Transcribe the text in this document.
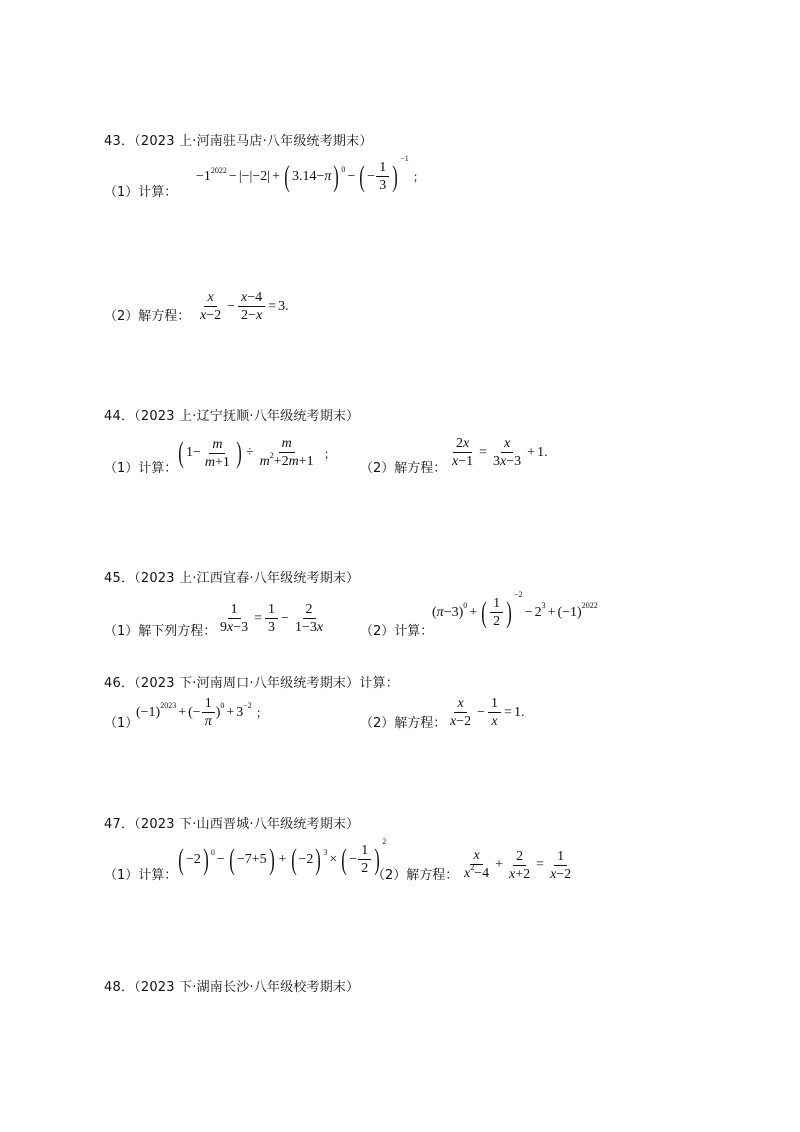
43．（2023 上·河南驻马店·八年级统考期末）
（1）计算：
$-1^{2022}$ − | − | −2 | + ( 3.14− π ) 0 − ( − $\frac{1}{3}$ )
−1
；
（2）解方程： $\frac{x}{x-2} - \frac{x-4}{2-x} = 3$ .
44．（2023 上·辽宁抚顺·八年级统考期末）
（1）计算： ( $1- \frac{m}{m+1}$ ) ÷ $\frac{m}{m^2+2m+1}$ ；
（2）解方程： $\frac{2x}{x-1} = \frac{x}{3x-3} + 1$ .
45．（2023 上·江西宜春·八年级统考期末）
（1）解下列方程： $\frac{1}{9x-3} = \frac{1}{3} - \frac{2}{1-3x}$	（2）计算：
( π −3) 0 + ( $\frac{1}{2}$ )
−2
− 2 3 + (−1) 2022
46．（2023 下·河南周口·八年级统考期末）计算：
（1）
(−1) 2023 + (− $\frac{1}{\pi}$ ) 0 + 3 −2
；
（2）解方程： $\frac{x}{x-2} - \frac{1}{x} = 1$ .
47．（2023 下·山西晋城·八年级统考期末）
（1）计算： ( −2 ) 0 − ( −7+5 ) + ( −2 ) 3 × ( − $\frac{1}{2}$ )
2
（2）解方程： $\frac{x}{x^2-4} + \frac{2}{x+2} = \frac{1}{x-2}$
48．（2023 下·湖南长沙·八年级校考期末）
